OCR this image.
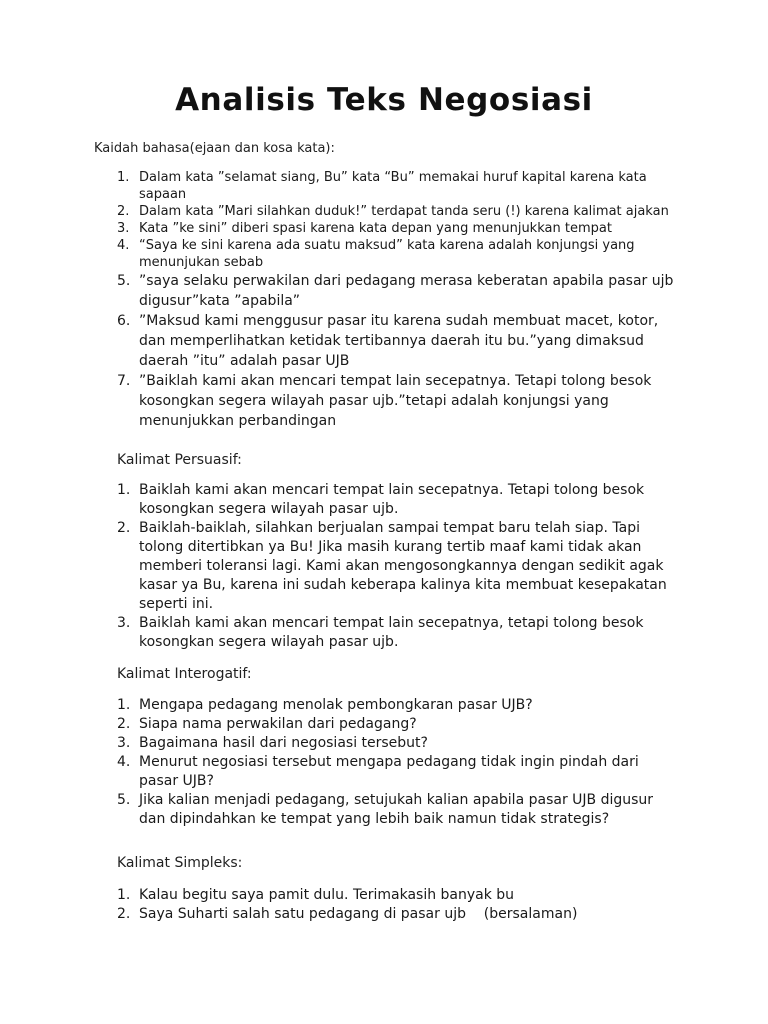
Analisis Teks Negosiasi

Kaidah bahasa(ejaan dan kosa kata):

1. Dalam kata ”selamat siang, Bu” kata “Bu” memakai huruf kapital karena kata sapaan
2. Dalam kata ”Mari silahkan duduk!” terdapat tanda seru (!) karena kalimat ajakan
3. Kata ”ke sini” diberi spasi karena kata depan yang menunjukkan tempat
4. “Saya ke sini karena ada suatu maksud” kata karena adalah konjungsi yang menunjukan sebab
5. ”saya selaku perwakilan dari pedagang merasa keberatan apabila pasar ujb digusur”kata ”apabila”
6. ”Maksud kami menggusur pasar itu karena sudah membuat macet, kotor, dan memperlihatkan ketidak tertibannya daerah itu bu.”yang dimaksud daerah ”itu” adalah pasar UJB
7. ”Baiklah kami akan mencari tempat lain secepatnya. Tetapi tolong besok kosongkan segera wilayah pasar ujb.”tetapi adalah konjungsi yang menunjukkan perbandingan

Kalimat Persuasif:

1. Baiklah kami akan mencari tempat lain secepatnya. Tetapi tolong besok kosongkan segera wilayah pasar ujb.
2. Baiklah-baiklah, silahkan berjualan sampai tempat baru telah siap. Tapi tolong ditertibkan ya Bu! Jika masih kurang tertib maaf kami tidak akan memberi toleransi lagi. Kami akan mengosongkannya dengan sedikit agak kasar ya Bu, karena ini sudah keberapa kalinya kita membuat kesepakatan seperti ini.
3. Baiklah kami akan mencari tempat lain secepatnya, tetapi tolong besok kosongkan segera wilayah pasar ujb.

Kalimat Interogatif:

1. Mengapa pedagang menolak pembongkaran pasar UJB?
2. Siapa nama perwakilan dari pedagang?
3. Bagaimana hasil dari negosiasi tersebut?
4. Menurut negosiasi tersebut mengapa pedagang tidak ingin pindah dari pasar UJB?
5. Jika kalian menjadi pedagang, setujukah kalian apabila pasar UJB digusur dan dipindahkan ke tempat yang lebih baik namun tidak strategis?

Kalimat Simpleks:

1. Kalau begitu saya pamit dulu. Terimakasih banyak bu
2. Saya Suharti salah satu pedagang di pasar ujb    (bersalaman)
